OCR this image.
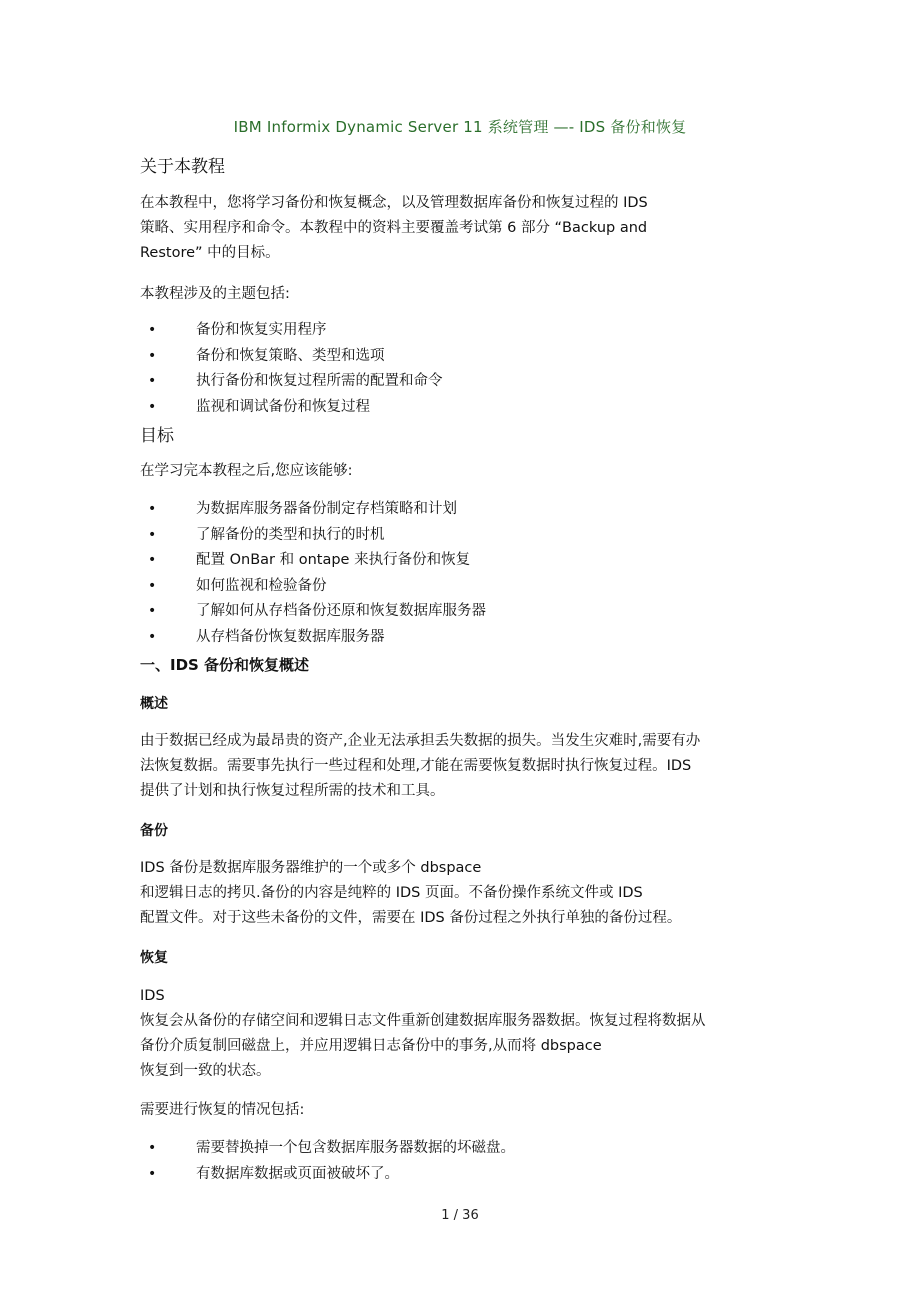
IBM Informix Dynamic Server 11 系统管理 —- IDS 备份和恢复
关于本教程
在本教程中，您将学习备份和恢复概念，以及管理数据库备份和恢复过程的 IDS
策略、实用程序和命令。本教程中的资料主要覆盖考试第 6 部分 “Backup and
Restore” 中的目标。
本教程涉及的主题包括:
•	备份和恢复实用程序
•	备份和恢复策略、类型和选项
•	执行备份和恢复过程所需的配置和命令
•	监视和调试备份和恢复过程
目标
在学习完本教程之后,您应该能够:
•	为数据库服务器备份制定存档策略和计划
•	了解备份的类型和执行的时机
•	配置 OnBar 和 ontape 来执行备份和恢复
•	如何监视和检验备份
•	了解如何从存档备份还原和恢复数据库服务器
•	从存档备份恢复数据库服务器
一、IDS 备份和恢复概述
概述
由于数据已经成为最昂贵的资产,企业无法承担丢失数据的损失。当发生灾难时,需要有办
法恢复数据。需要事先执行一些过程和处理,才能在需要恢复数据时执行恢复过程。IDS
提供了计划和执行恢复过程所需的技术和工具。
备份
IDS 备份是数据库服务器维护的一个或多个 dbspace
和逻辑日志的拷贝.备份的内容是纯粹的 IDS 页面。不备份操作系统文件或 IDS
配置文件。对于这些未备份的文件，需要在 IDS 备份过程之外执行单独的备份过程。
恢复
IDS
恢复会从备份的存储空间和逻辑日志文件重新创建数据库服务器数据。恢复过程将数据从
备份介质复制回磁盘上，并应用逻辑日志备份中的事务,从而将 dbspace
恢复到一致的状态。
需要进行恢复的情况包括:
•	需要替换掉一个包含数据库服务器数据的坏磁盘。
•	有数据库数据或页面被破坏了。
1 / 36
